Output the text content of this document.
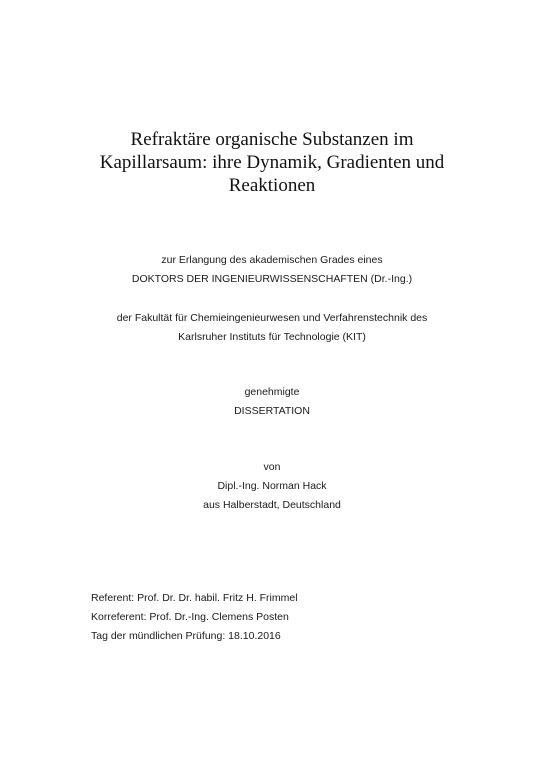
Refraktäre organische Substanzen im
Kapillarsaum: ihre Dynamik, Gradienten und
Reaktionen
zur Erlangung des akademischen Grades eines
DOKTORS DER INGENIEURWISSENSCHAFTEN (Dr.-Ing.)
der Fakultät für Chemieingenieurwesen und Verfahrenstechnik des
Karlsruher Instituts für Technologie (KIT)
genehmigte
DISSERTATION
von
Dipl.-Ing. Norman Hack
aus Halberstadt, Deutschland
Referent: Prof. Dr. Dr. habil. Fritz H. Frimmel
Korreferent: Prof. Dr.-Ing. Clemens Posten
Tag der mündlichen Prüfung: 18.10.2016
